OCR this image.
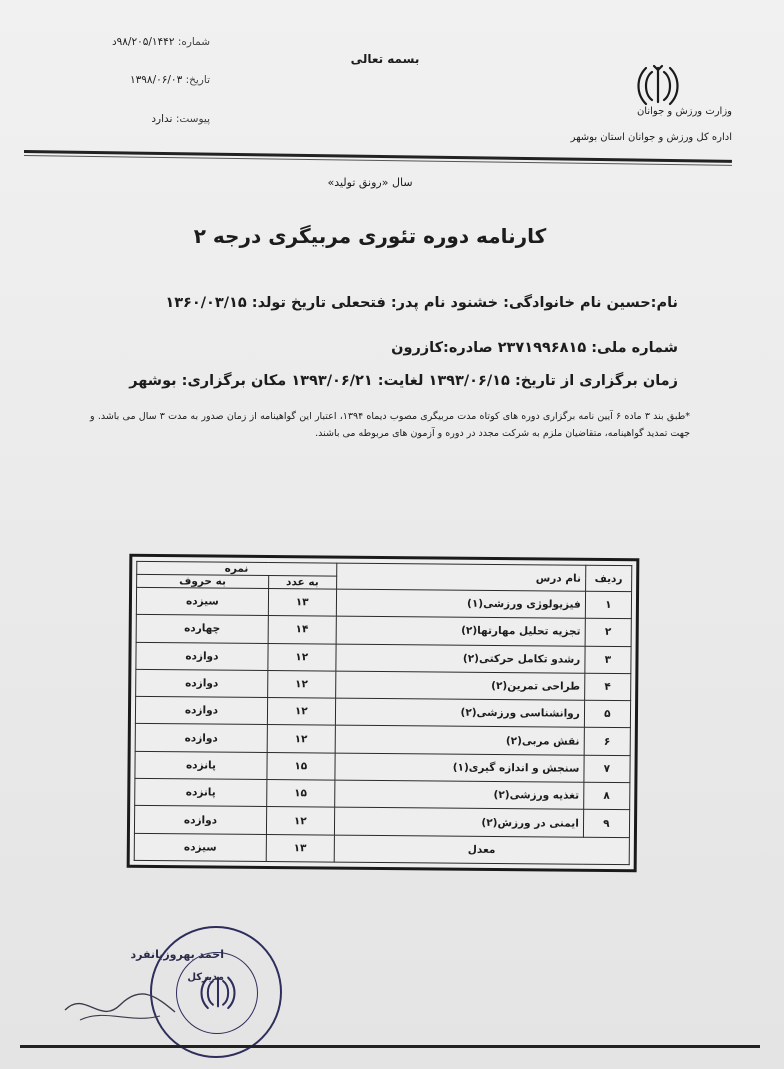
شماره: ۹۸/۲۰۵/۱۴۴۲د
تاریخ: ۱۳۹۸/۰۶/۰۳
پیوست: ندارد
بسمه تعالی
وزارت ورزش و جوانان
اداره کل ورزش و جوانان استان بوشهر
سال «رونق تولید»
کارنامه دوره تئوری مربیگری درجه ۲
نام:حسین نام خانوادگی: خشنود نام پدر: فتحعلی تاریخ تولد: ۱۳۶۰/۰۳/۱۵
شماره ملی: ۲۳۷۱۹۹۶۸۱۵ صادره:کازرون
زمان برگزاری از تاریخ: ۱۳۹۳/۰۶/۱۵ لغایت: ۱۳۹۳/۰۶/۲۱ مکان برگزاری: بوشهر
*طبق بند ۳ ماده ۶ آیین نامه برگزاری دوره های کوتاه مدت مربیگری مصوب دیماه ۱۳۹۴، اعتبار این گواهینامه از زمان صدور به مدت ۳ سال می باشد. و جهت تمدید گواهینامه، متقاضیان ملزم به شرکت مجدد در دوره و آزمون های مربوطه می باشند.
ردیف	نام درس	نمره	
		به عدد	به حروف
۱	فیزیولوژی ورزشی(۱)	۱۳	سیزده
۲	تجزیه تحلیل مهارتها(۲)	۱۴	چهارده
۳	رشدو تکامل حرکتی(۲)	۱۲	دوازده
۴	طراحی تمرین(۲)	۱۲	دوازده
۵	روانشناسی ورزشی(۲)	۱۲	دوازده
۶	نقش مربی(۲)	۱۲	دوازده
۷	سنجش و اندازه گیری(۱)	۱۵	پانزده
۸	تغذیه ورزشی(۲)	۱۵	پانزده
۹	ایمنی در ورزش(۲)	۱۲	دوازده
معدل		۱۳	سیزده
احمد بهروزبانفرد
مدیرکل
